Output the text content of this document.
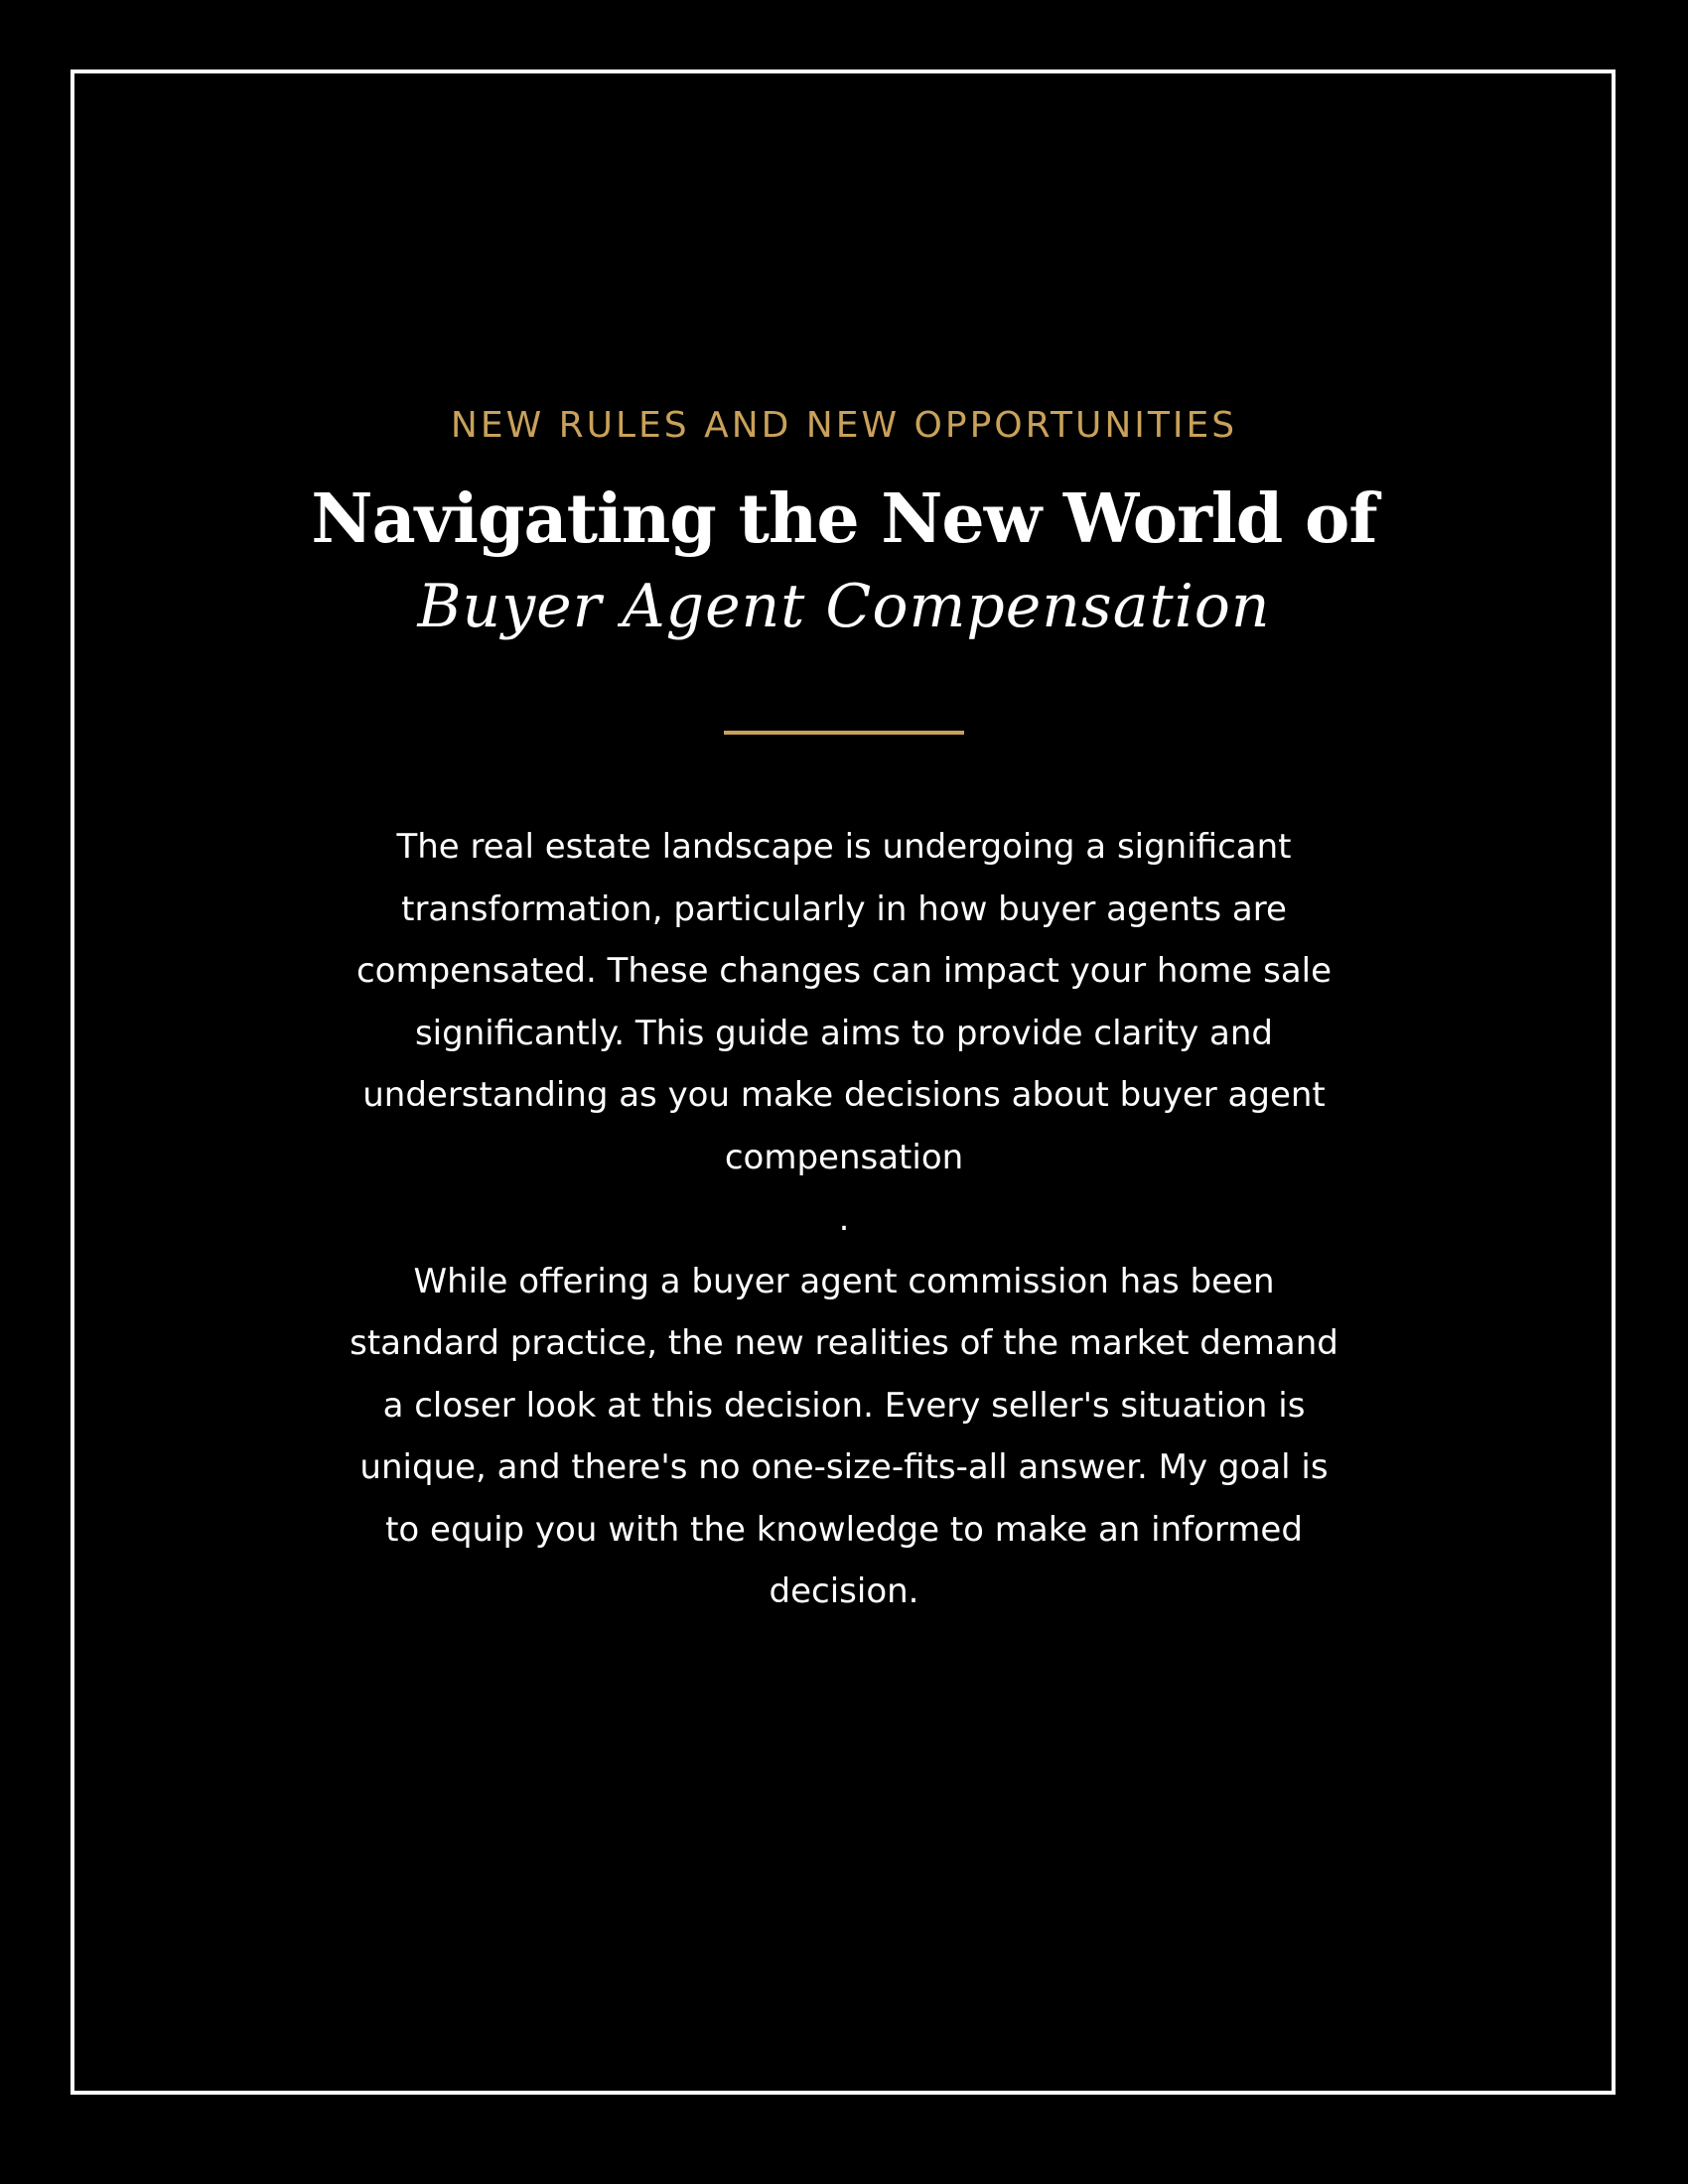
NEW RULES AND NEW OPPORTUNITIES

Navigating the New World of
Buyer Agent Compensation

The real estate landscape is undergoing a significant transformation, particularly in how buyer agents are compensated. These changes can impact your home sale significantly. This guide aims to provide clarity and understanding as you make decisions about buyer agent compensation

.

While offering a buyer agent commission has been standard practice, the new realities of the market demand a closer look at this decision. Every seller's situation is unique, and there's no one-size-fits-all answer. My goal is to equip you with the knowledge to make an informed decision.
